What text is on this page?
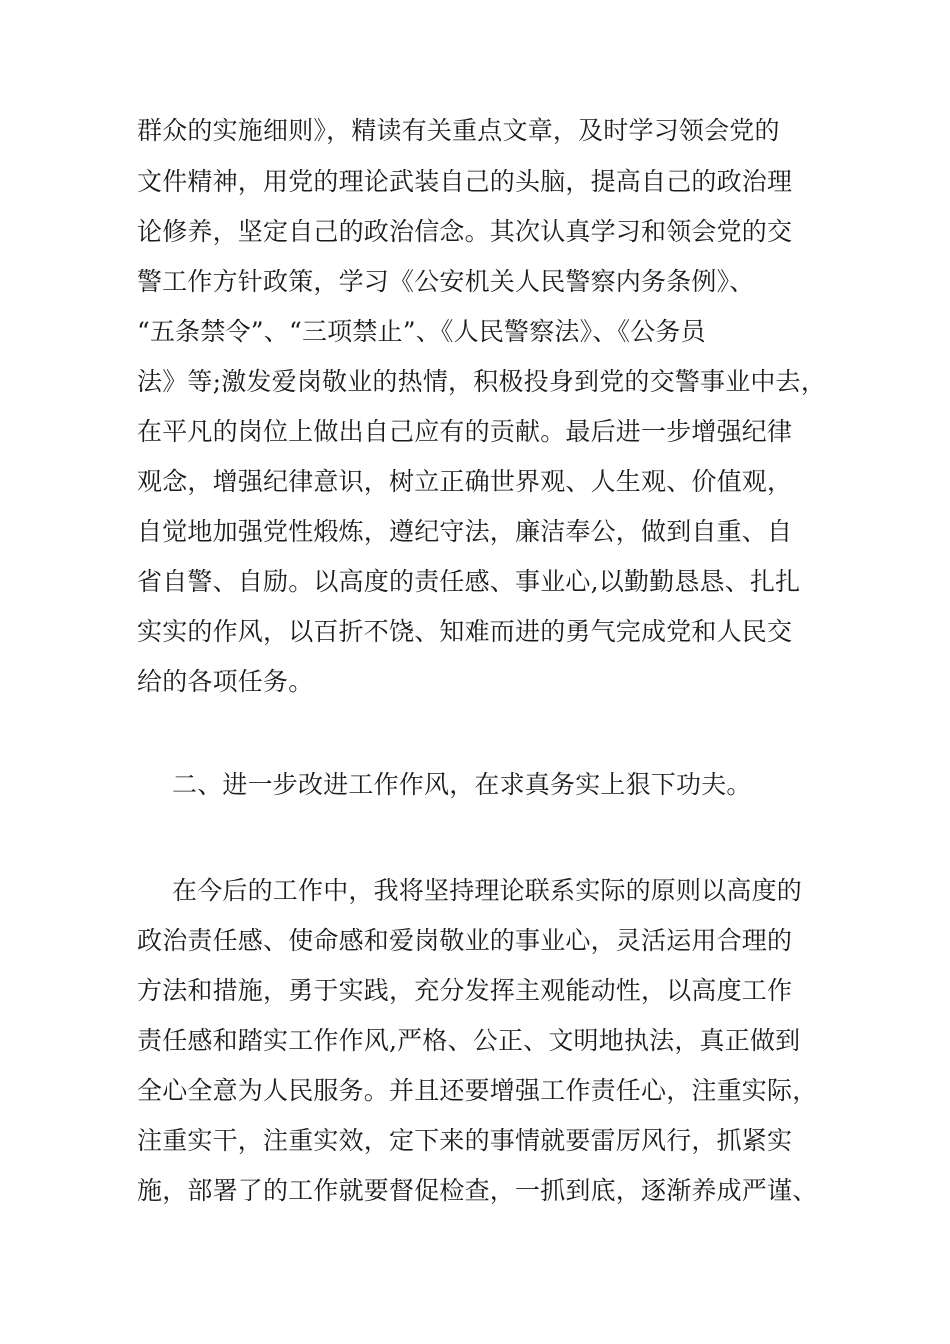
群众的实施细则》，精读有关重点文章，及时学习领会党的
文件精神，用党的理论武装自己的头脑，提高自己的政治理
论修养，坚定自己的政治信念。其次认真学习和领会党的交
警工作方针政策，学习《公安机关人民警察内务条例》、
“五条禁令”、“三项禁止”、《人民警察法》、《公务员
法》等;激发爱岗敬业的热情，积极投身到党的交警事业中去，
在平凡的岗位上做出自己应有的贡献。最后进一步增强纪律
观念，增强纪律意识，树立正确世界观、人生观、价值观，
自觉地加强党性煅炼，遵纪守法，廉洁奉公，做到自重、自
省自警、自励。以高度的责任感、事业心,以勤勤恳恳、扎扎
实实的作风，以百折不饶、知难而进的勇气完成党和人民交
给的各项任务。
二、进一步改进工作作风，在求真务实上狠下功夫。
在今后的工作中，我将坚持理论联系实际的原则以高度的
政治责任感、使命感和爱岗敬业的事业心，灵活运用合理的
方法和措施，勇于实践，充分发挥主观能动性，以高度工作
责任感和踏实工作作风,严格、公正、文明地执法，真正做到
全心全意为人民服务。并且还要增强工作责任心，注重实际，
注重实干，注重实效，定下来的事情就要雷厉风行，抓紧实
施，部署了的工作就要督促检查，一抓到底，逐渐养成严谨、
